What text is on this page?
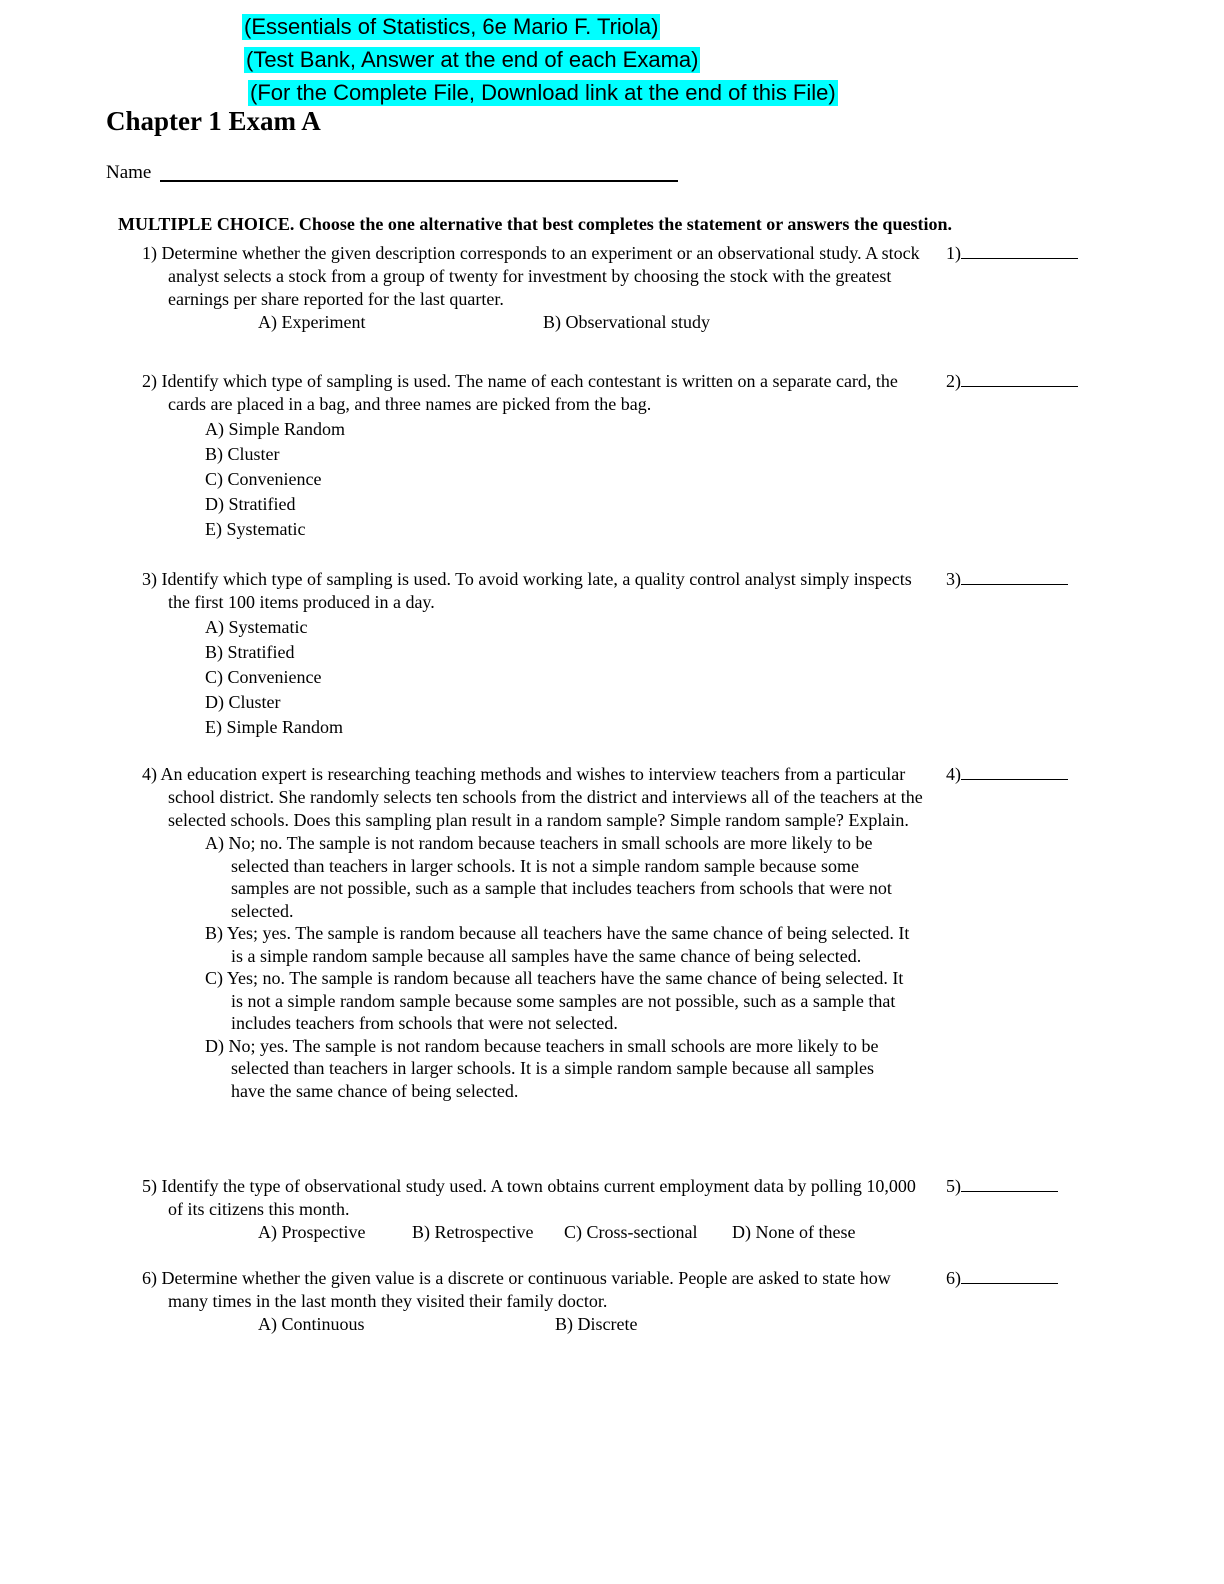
(Essentials of Statistics, 6e Mario F. Triola)
(Test Bank, Answer at the end of each Exama)
(For the Complete File, Download link at the end of this File)
Chapter 1 Exam A
Name
MULTIPLE CHOICE. Choose the one alternative that best completes the statement or answers the question.
1) Determine whether the given description corresponds to an experiment or an observational study. A stock analyst selects a stock from a group of twenty for investment by choosing the stock with the greatest earnings per share reported for the last quarter.
A) Experiment	B) Observational study
1)
2) Identify which type of sampling is used. The name of each contestant is written on a separate card, the cards are placed in a bag, and three names are picked from the bag.
A) Simple Random
B) Cluster
C) Convenience
D) Stratified
E) Systematic
2)
3) Identify which type of sampling is used. To avoid working late, a quality control analyst simply inspects the first 100 items produced in a day.
A) Systematic
B) Stratified
C) Convenience
D) Cluster
E) Simple Random
3)
4) An education expert is researching teaching methods and wishes to interview teachers from a particular school district. She randomly selects ten schools from the district and interviews all of the teachers at the selected schools. Does this sampling plan result in a random sample? Simple random sample? Explain.
A) No; no. The sample is not random because teachers in small schools are more likely to be selected than teachers in larger schools. It is not a simple random sample because some samples are not possible, such as a sample that includes teachers from schools that were not selected.
B) Yes; yes. The sample is random because all teachers have the same chance of being selected. It is a simple random sample because all samples have the same chance of being selected.
C) Yes; no. The sample is random because all teachers have the same chance of being selected. It is not a simple random sample because some samples are not possible, such as a sample that includes teachers from schools that were not selected.
D) No; yes. The sample is not random because teachers in small schools are more likely to be selected than teachers in larger schools. It is a simple random sample because all samples have the same chance of being selected.
4)
5) Identify the type of observational study used. A town obtains current employment data by polling 10,000 of its citizens this month.
A) Prospective	B) Retrospective C) Cross-sectional D) None of these
5)
6) Determine whether the given value is a discrete or continuous variable. People are asked to state how many times in the last month they visited their family doctor.
A) Continuous	B) Discrete
6)
